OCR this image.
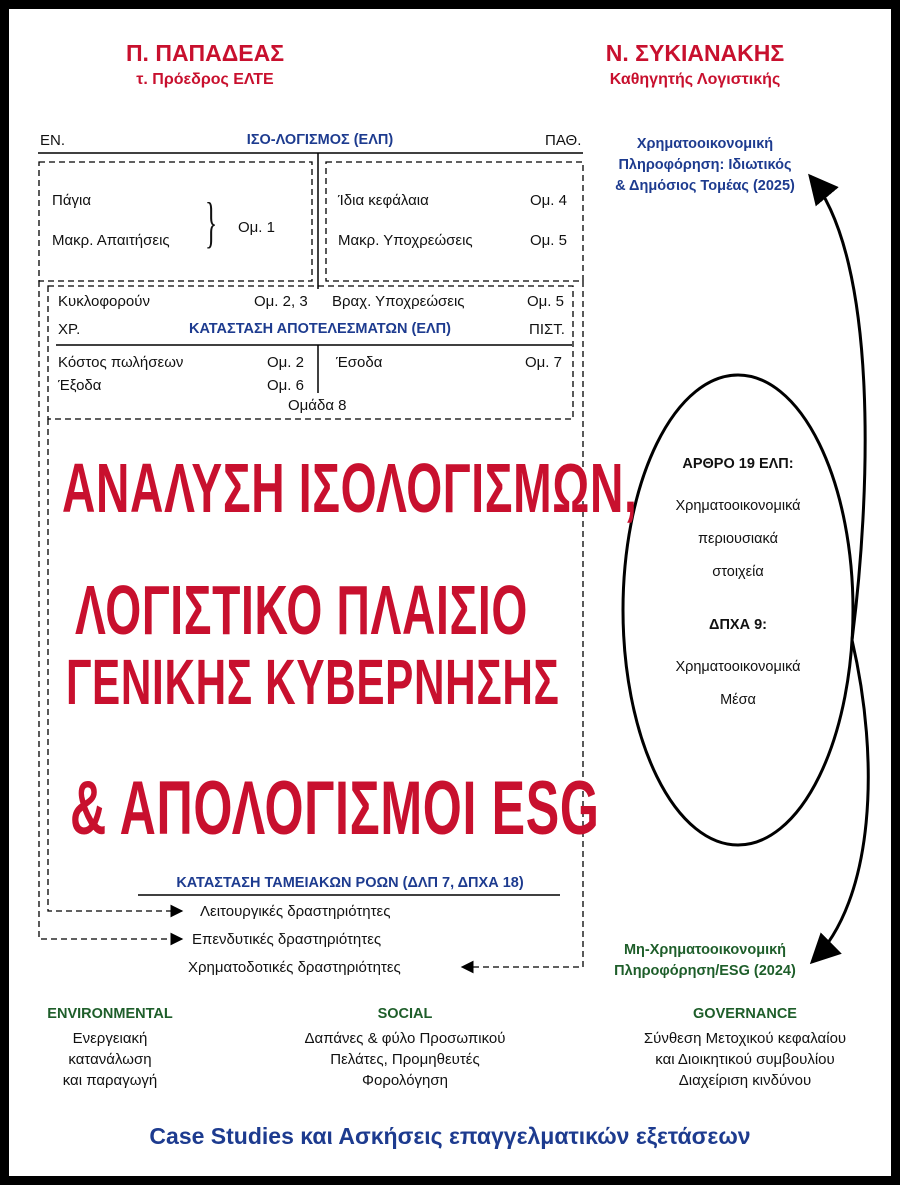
Π. ΠΑΠΑΔΕΑΣ
τ. Πρόεδρος ΕΛΤΕ
Ν. ΣΥΚΙΑΝΑΚΗΣ
Καθηγητής Λογιστικής
ΕΝ.	ΙΣΟ-ΛΟΓΙΣΜΟΣ (ΕΛΠ)	ΠΑΘ.
Πάγια
Μακρ. Απαιτήσεις } Ομ. 1
Ίδια κεφάλαια	Ομ. 4
Μακρ. Υποχρεώσεις	Ομ. 5
Κυκλοφορούν	Ομ. 2, 3 Βραχ. Υποχρεώσεις	Ομ. 5
ΧΡ.	ΚΑΤΑΣΤΑΣΗ ΑΠΟΤΕΛΕΣΜΑΤΩΝ (ΕΛΠ)	ΠΙΣΤ.
Κόστος πωλήσεων	Ομ. 2
Έξοδα	Ομ. 6
Έσοδα	Ομ. 7
Ομάδα 8
ΑΝΑΛΥΣΗ ΙΣΟΛΟΓΙΣΜΩΝ,
ΛΟΓΙΣΤΙΚΟ ΠΛΑΙΣΙΟ
ΓΕΝΙΚΗΣ ΚΥΒΕΡΝΗΣΗΣ
& ΑΠΟΛΟΓΙΣΜΟΙ ESG
ΚΑΤΑΣΤΑΣΗ ΤΑΜΕΙΑΚΩΝ ΡΟΩΝ (ΔΛΠ 7, ΔΠΧΑ 18)
Λειτουργικές δραστηριότητες
Επενδυτικές δραστηριότητες
Χρηματοδοτικές δραστηριότητες
Χρηματοοικονομική
Πληροφόρηση: Ιδιωτικός
& Δημόσιος Τομέας (2025)
Μη-Χρηματοοικονομική
Πληροφόρηση/ESG (2024)
ΑΡΘΡΟ 19 ΕΛΠ:
Χρηματοοικονομικά
περιουσιακά
στοιχεία
ΔΠΧΑ 9:
Χρηματοοικονομικά
Μέσα
ENVIRONMENTAL
Ενεργειακή
κατανάλωση
και παραγωγή
SOCIAL
Δαπάνες & φύλο Προσωπικού
Πελάτες, Προμηθευτές
Φορολόγηση
GOVERNANCE
Σύνθεση Μετοχικού κεφαλαίου
και Διοικητικού συμβουλίου
Διαχείριση κινδύνου
Case Studies και Ασκήσεις επαγγελματικών εξετάσεων
